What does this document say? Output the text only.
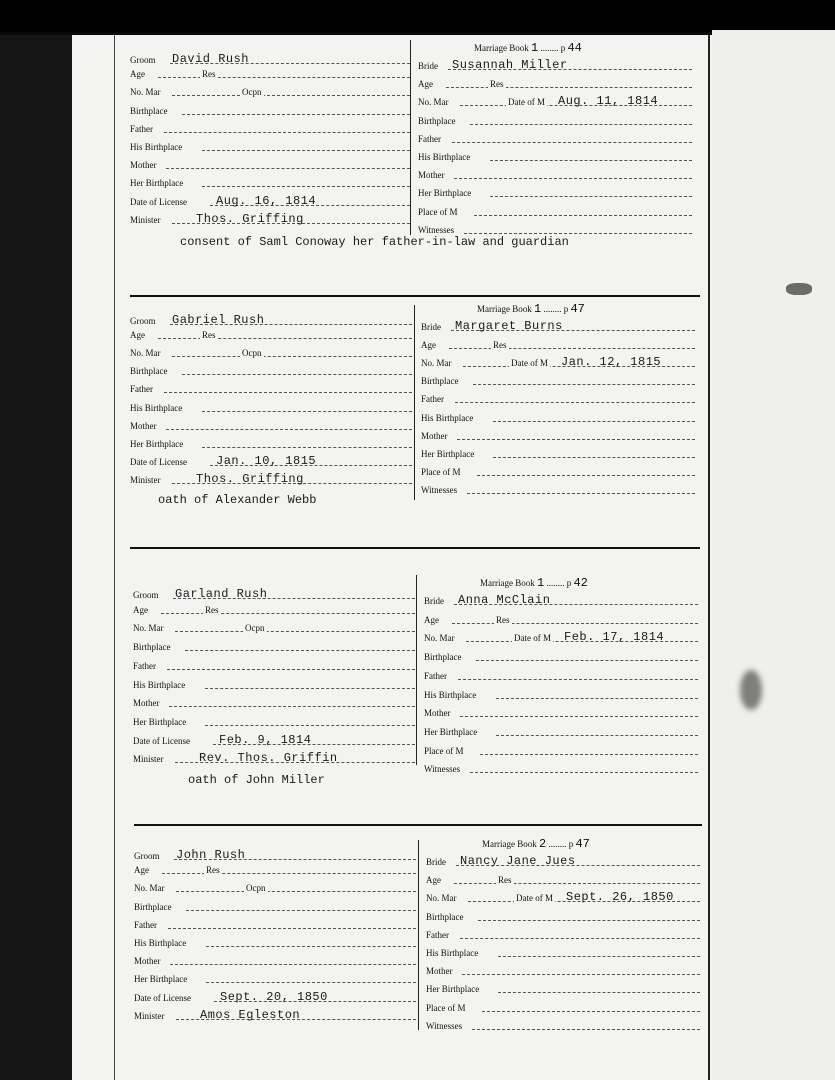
Groom David Rush
Age	Res
No. Mar	Ocpn
Birthplace
Father
His Birthplace
Mother
Her Birthplace
Date of License Aug. 16, 1814
Minister	Thos. Griffing
Marriage Book 1 ........ p 44
Bride Susannah Miller
Age	Res
No. Mar	Date of M Aug. 11, 1814
Birthplace
Father
His Birthplace
Mother
Her Birthplace
Place of M
Witnesses
consent of Saml Conoway her father-in-law and guardian
Groom Gabriel Rush
Age	Res
No. Mar	Ocpn
Birthplace
Father
His Birthplace
Mother
Her Birthplace
Date of License Jan. 10, 1815
Minister	Thos. Griffing
Marriage Book 1 ........ p 47
Bride Margaret Burns
Age	Res
No. Mar	Date of M Jan. 12, 1815
Birthplace
Father
His Birthplace
Mother
Her Birthplace
Place of M
Witnesses
oath of Alexander Webb
Groom Garland Rush
Age	Res
No. Mar	Ocpn
Birthplace
Father
His Birthplace
Mother
Her Birthplace
Date of License Feb. 9, 1814
Minister	Rev. Thos. Griffin
Marriage Book 1 ........ p 42
Bride Anna McClain
Age	Res
No. Mar	Date of M Feb. 17, 1814
Birthplace
Father
His Birthplace
Mother
Her Birthplace
Place of M
Witnesses
oath of John Miller
Groom John Rush
Age	Res
No. Mar	Ocpn
Birthplace
Father
His Birthplace
Mother
Her Birthplace
Date of License Sept. 20, 1850
Minister	Amos Egleston
Marriage Book 2 ........ p 47
Bride Nancy Jane Jues
Age	Res
No. Mar	Date of M Sept. 26, 1850
Birthplace
Father
His Birthplace
Mother
Her Birthplace
Place of M
Witnesses
